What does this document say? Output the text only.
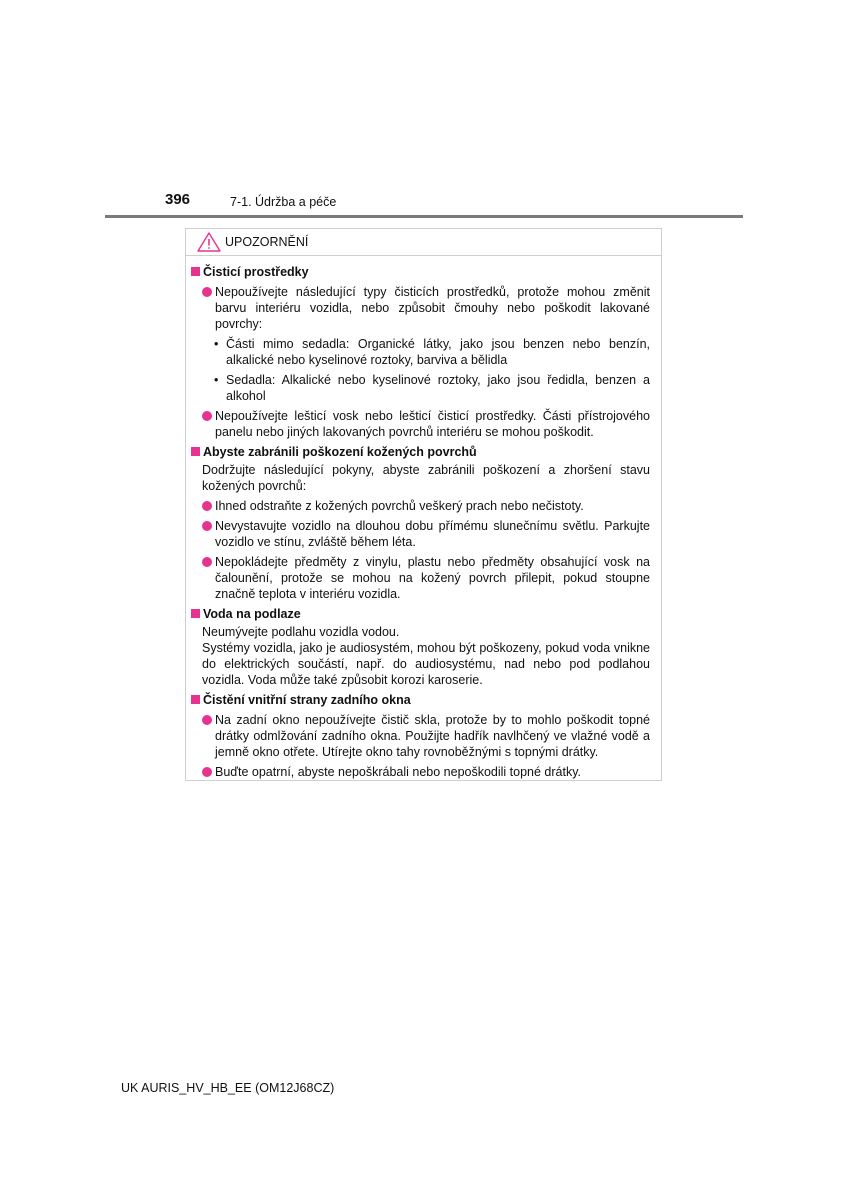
396	7-1. Údržba a péče
UPOZORNĚNÍ
Čisticí prostředky
Nepoužívejte následující typy čisticích prostředků, protože mohou změnit barvu interiéru vozidla, nebo způsobit čmouhy nebo poškodit lakované povrchy:
• Části mimo sedadla: Organické látky, jako jsou benzen nebo benzín, alkalické nebo kyselinové roztoky, barviva a bělidla
• Sedadla: Alkalické nebo kyselinové roztoky, jako jsou ředidla, benzen a alkohol
Nepoužívejte lešticí vosk nebo lešticí čisticí prostředky. Části přístrojového panelu nebo jiných lakovaných povrchů interiéru se mohou poškodit.
Abyste zabránili poškození kožených povrchů
Dodržujte následující pokyny, abyste zabránili poškození a zhoršení stavu kožených povrchů:
Ihned odstraňte z kožených povrchů veškerý prach nebo nečistoty.
Nevystavujte vozidlo na dlouhou dobu přímému slunečnímu světlu. Parkujte vozidlo ve stínu, zvláště během léta.
Nepokládejte předměty z vinylu, plastu nebo předměty obsahující vosk na čalounění, protože se mohou na kožený povrch přilepit, pokud stoupne značně teplota v interiéru vozidla.
Voda na podlaze
Neumývejte podlahu vozidla vodou.
Systémy vozidla, jako je audiosystém, mohou být poškozeny, pokud voda vnikne do elektrických součástí, např. do audiosystému, nad nebo pod podlahou vozidla. Voda může také způsobit korozi karoserie.
Čistění vnitřní strany zadního okna
Na zadní okno nepoužívejte čistič skla, protože by to mohlo poškodit topné drátky odmlžování zadního okna. Použijte hadřík navlhčený ve vlažné vodě a jemně okno otřete. Utírejte okno tahy rovnoběžnými s topnými drátky.
Buďte opatrní, abyste nepoškrábali nebo nepoškodili topné drátky.
UK AURIS_HV_HB_EE (OM12J68CZ)
